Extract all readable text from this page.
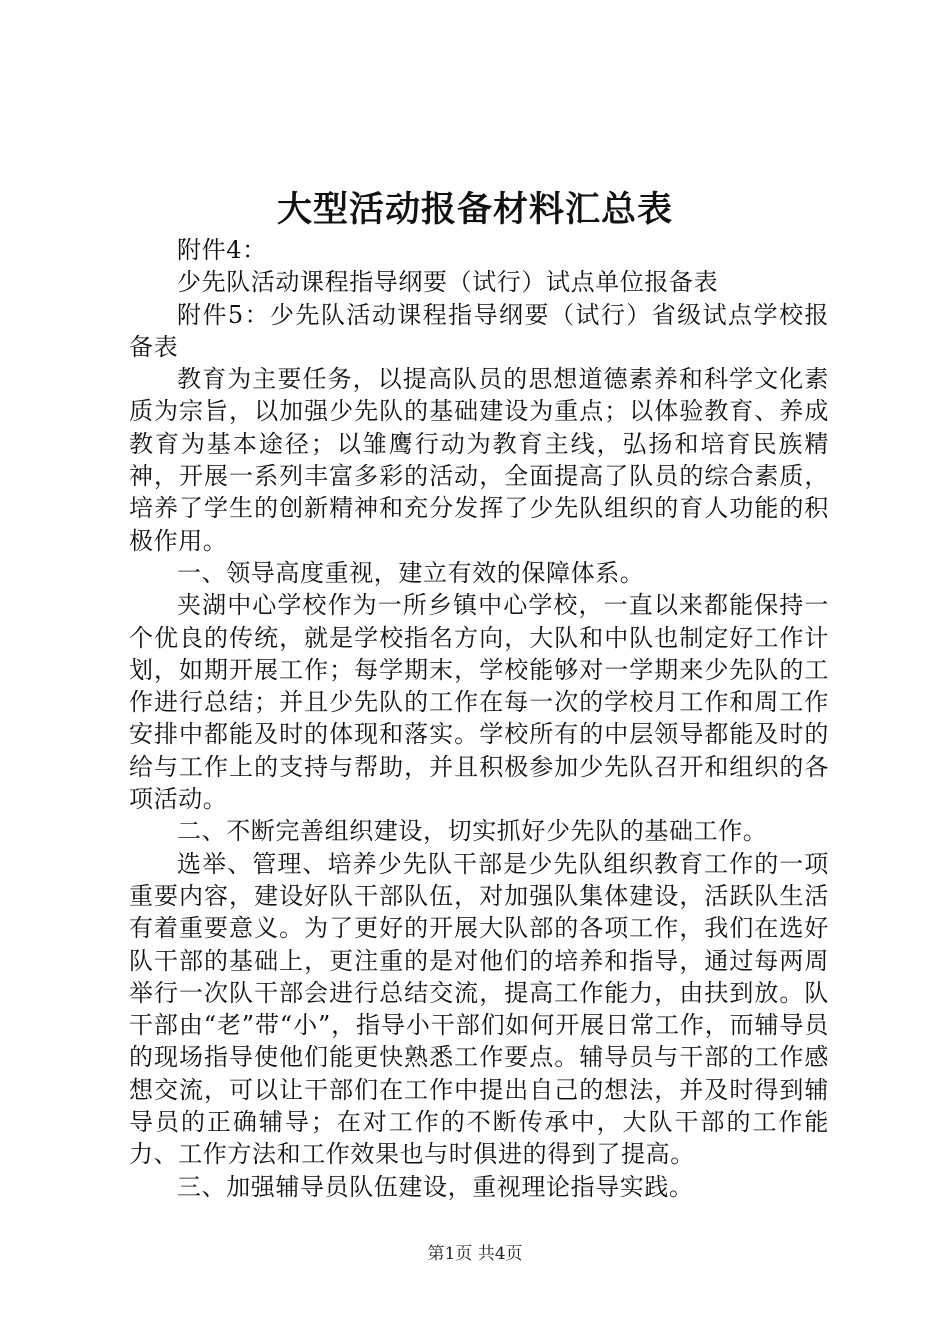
大型活动报备材料汇总表

附件4：

少先队活动课程指导纲要（试行）试点单位报备表

附件5：少先队活动课程指导纲要（试行）省级试点学校报备表

教育为主要任务，以提高队员的思想道德素养和科学文化素质为宗旨，以加强少先队的基础建设为重点；以体验教育、养成教育为基本途径；以雏鹰行动为教育主线，弘扬和培育民族精神，开展一系列丰富多彩的活动，全面提高了队员的综合素质，培养了学生的创新精神和充分发挥了少先队组织的育人功能的积极作用。

一、领导高度重视，建立有效的保障体系。

夹湖中心学校作为一所乡镇中心学校，一直以来都能保持一个优良的传统，就是学校指名方向，大队和中队也制定好工作计划，如期开展工作；每学期末，学校能够对一学期来少先队的工作进行总结；并且少先队的工作在每一次的学校月工作和周工作安排中都能及时的体现和落实。学校所有的中层领导都能及时的给与工作上的支持与帮助，并且积极参加少先队召开和组织的各项活动。

二、不断完善组织建设，切实抓好少先队的基础工作。

选举、管理、培养少先队干部是少先队组织教育工作的一项重要内容，建设好队干部队伍，对加强队集体建设，活跃队生活有着重要意义。为了更好的开展大队部的各项工作，我们在选好队干部的基础上，更注重的是对他们的培养和指导，通过每两周举行一次队干部会进行总结交流，提高工作能力，由扶到放。队干部由“老”带“小”，指导小干部们如何开展日常工作，而辅导员的现场指导使他们能更快熟悉工作要点。辅导员与干部的工作感想交流，可以让干部们在工作中提出自己的想法，并及时得到辅导员的正确辅导；在对工作的不断传承中，大队干部的工作能力、工作方法和工作效果也与时俱进的得到了提高。

三、加强辅导员队伍建设，重视理论指导实践。

第1页 共4页
